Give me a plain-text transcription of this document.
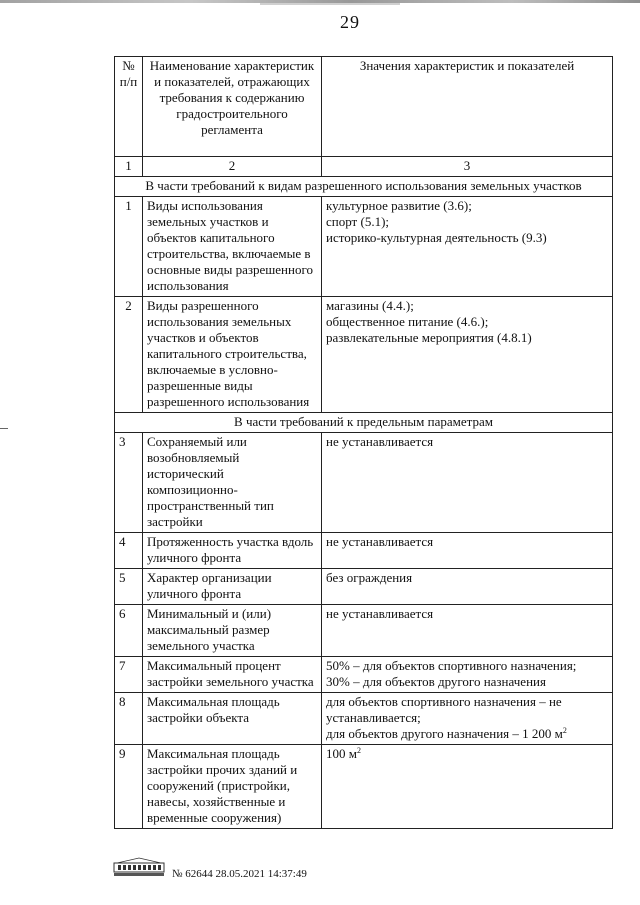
29
№ п/п	Наименование характеристик и показателей, отражающих требования к содержанию градостроительного регламента	Значения характеристик и показателей
1	2	3
В части требований к видам разрешенного использования земельных участков		
1	Виды использования земельных участков и объектов капитального строительства, включаемые в основные виды разрешенного использования	культурное развитие (3.6);
спорт (5.1);
историко-культурная деятельность (9.3)

2	Виды разрешенного использования земельных участков и объектов капитального строительства, включаемые в условно-разрешенные виды разрешенного использования	магазины (4.4.);
общественное питание (4.6.);
развлекательные мероприятия (4.8.1)

В части требований к предельным параметрам		
3	Сохраняемый или возобновляемый исторический композиционно-пространственный тип застройки	не устанавливается

4	Протяженность участка вдоль уличного фронта	не устанавливается

5	Характер организации уличного фронта	без ограждения

6	Минимальный и (или) максимальный размер земельного участка	не устанавливается

7	Максимальный процент застройки земельного участка	50% – для объектов спортивного назначения;
30% – для объектов другого назначения

8	Максимальная площадь застройки объекта	для объектов спортивного назначения – не устанавливается;
для объектов другого назначения – 1 200 $м^2$

9	Максимальная площадь застройки прочих зданий и сооружений (пристройки, навесы, хозяйственные и временные сооружения)	100 $м^2$
№ 62644 28.05.2021 14:37:49
